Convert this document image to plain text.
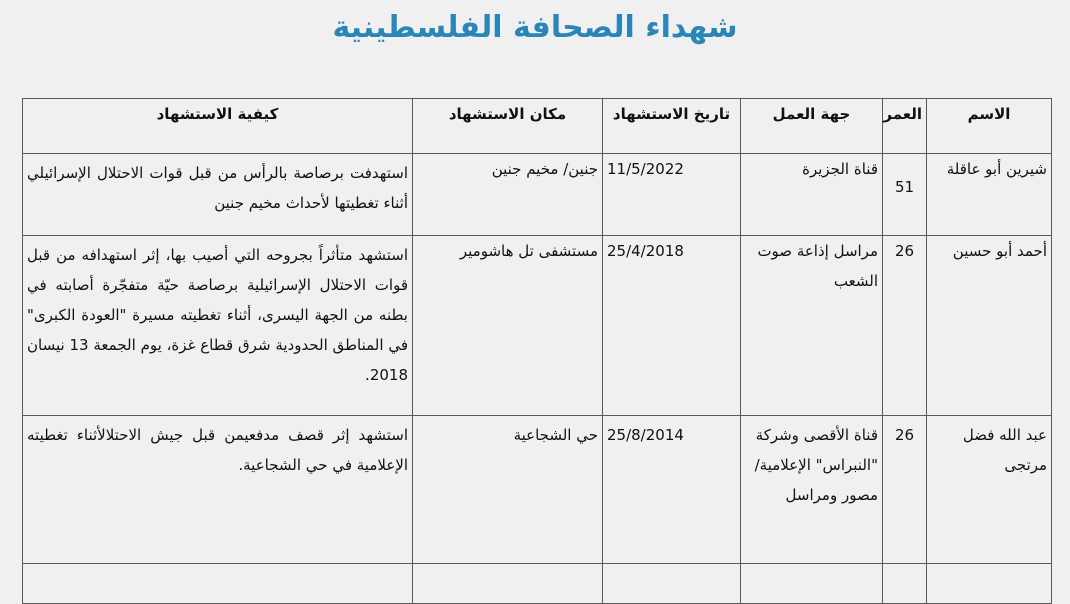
شهداء الصحافة الفلسطينية
الاسم	العمر	جهة العمل	تاريخ الاستشهاد	مكان الاستشهاد	كيفية الاستشهاد
شيرين أبو عاقلة	51	قناة الجزيرة	11/5/2022	جنين/ مخيم جنين	استهدفت برصاصة بالرأس من قبل قوات الاحتلال الإسرائيلي أثناء تغطيتها لأحداث مخيم جنين
أحمد أبو حسين	26	مراسل إذاعة صوت الشعب	25/4/2018	مستشفى تل هاشومير	استشهد متأثراً بجروحه التي أصيب بها، إثر استهدافه من قبل قوات الاحتلال الإسرائيلية برصاصة حيّة متفجّرة أصابته في بطنه من الجهة اليسرى، أثناء تغطيته مسيرة "العودة الكبرى" في المناطق الحدودية شرق قطاع غزة، يوم الجمعة 13 نيسان 2018.
عبد الله فضل مرتجى	26	قناة الأقصى وشركة "النبراس" الإعلامية/ مصور ومراسل	25/8/2014	حي الشجاعية	استشهد إثر قصف مدفعيمن قبل جيش الاحتلالأثناء تغطيته الإعلامية في حي الشجاعية.
